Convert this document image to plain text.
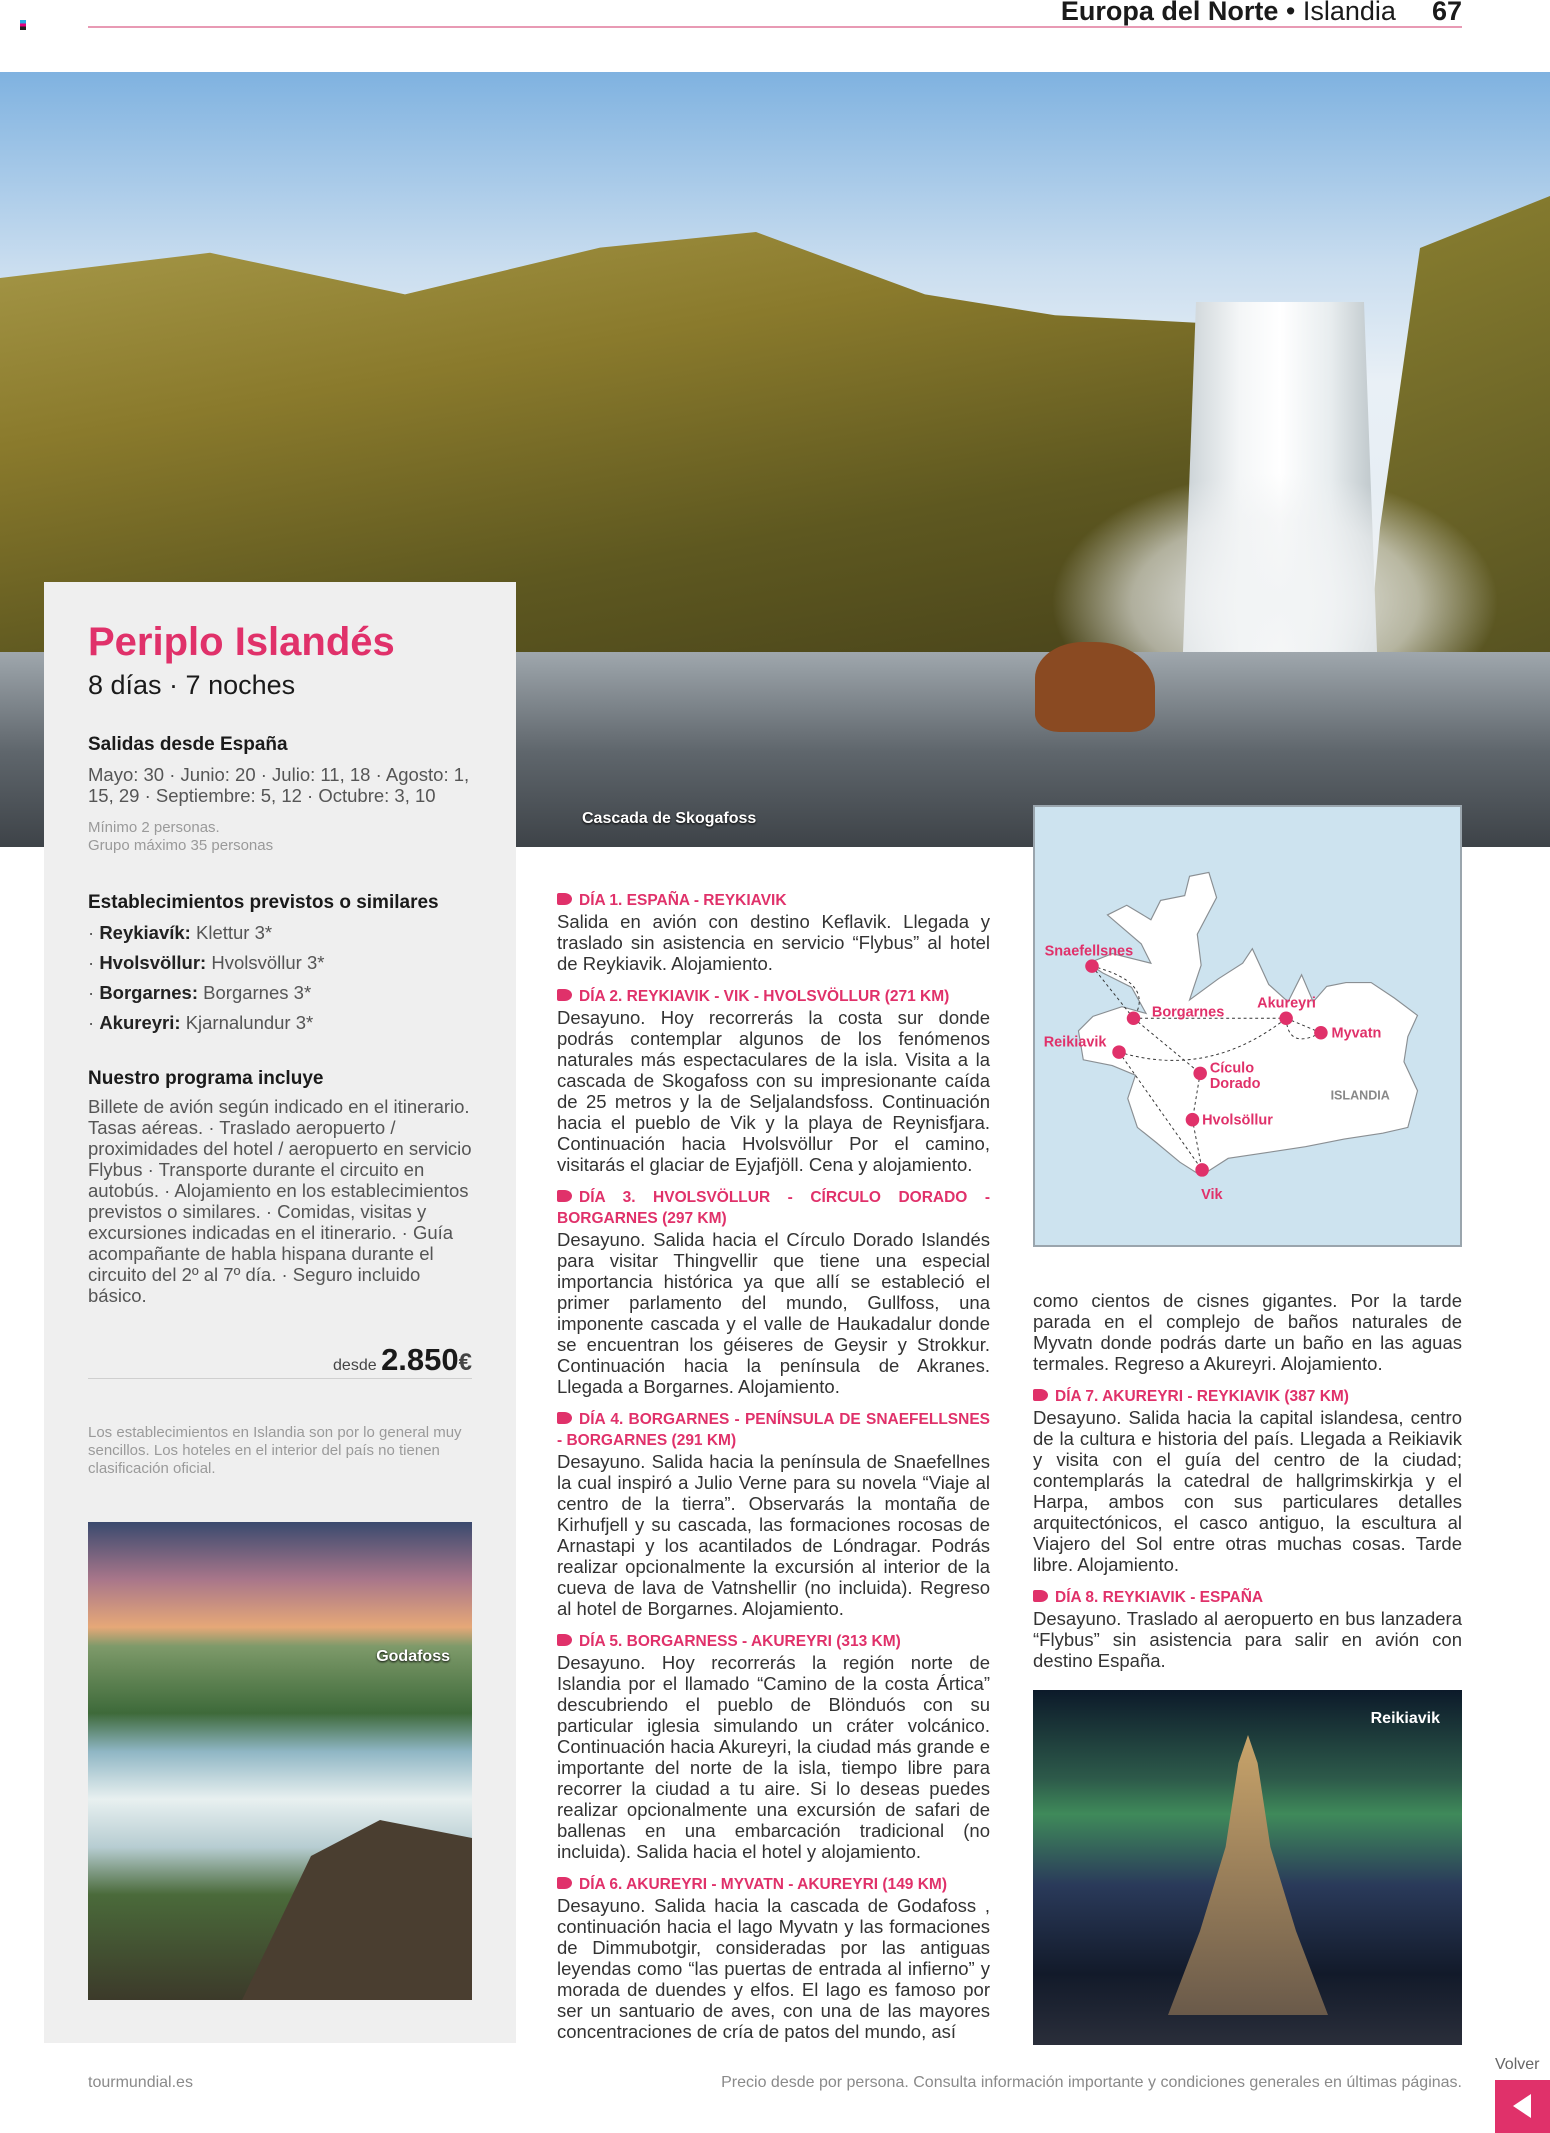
Europa del Norte • Islandia 67
Cascada de Skogafoss
Periplo Islandés
8 días · 7 noches
Salidas desde España
Mayo: 30 · Junio: 20 · Julio: 11, 18 · Agosto: 1, 15, 29 · Septiembre: 5, 12 · Octubre: 3, 10
Mínimo 2 personas.
Grupo máximo 35 personas
Establecimientos previstos o similares
· Reykiavík: Klettur 3*
· Hvolsvöllur: Hvolsvöllur 3*
· Borgarnes: Borgarnes 3*
· Akureyri: Kjarnalundur 3*
Nuestro programa incluye
Billete de avión según indicado en el itinerario. Tasas aéreas. · Traslado aeropuerto / proximidades del hotel / aeropuerto en servicio Flybus · Transporte durante el circuito en autobús. · Alojamiento en los establecimientos previstos o similares. · Comidas, visitas y excursiones indicadas en el itinerario. · Guía acompañante de habla hispana durante el circuito del 2º al 7º día. · Seguro incluido básico.
desde 2.850€
Los establecimientos en Islandia son por lo general muy sencillos. Los hoteles en el interior del país no tienen clasificación oficial.
Godafoss
DÍA 1. ESPAÑA - REYKIAVIK
Salida en avión con destino Keflavik. Llegada y traslado sin asistencia en servicio “Flybus” al hotel de Reykiavik. Alojamiento.
DÍA 2. REYKIAVIK - VIK - HVOLSVÖLLUR (271 KM)
Desayuno. Hoy recorrerás la costa sur donde podrás contemplar algunos de los fenómenos naturales más espectaculares de la isla. Visita a la cascada de Skogafoss con su impresionante caída de 25 metros y la de Seljalandsfoss. Continuación hacia el pueblo de Vik y la playa de Reynisfjara. Continuación hacia Hvolsvöllur Por el camino, visitarás el glaciar de Eyjafjöll. Cena y alojamiento.
DÍA 3. HVOLSVÖLLUR - CÍRCULO DORADO - BORGARNES (297 KM)
Desayuno. Salida hacia el Círculo Dorado Islandés para visitar Thingvellir que tiene una especial importancia histórica ya que allí se estableció el primer parlamento del mundo, Gullfoss, una imponente cascada y el valle de Haukadalur donde se encuentran los géiseres de Geysir y Strokkur. Continuación hacia la península de Akranes. Llegada a Borgarnes. Alojamiento.
DÍA 4. BORGARNES - PENÍNSULA DE SNAEFELLSNES - BORGARNES (291 KM)
Desayuno. Salida hacia la península de Snaefellnes la cual inspiró a Julio Verne para su novela “Viaje al centro de la tierra”. Observarás la montaña de Kirhufjell y su cascada, las formaciones rocosas de Arnastapi y los acantilados de Lóndragar. Podrás realizar opcionalmente la excursión al interior de la cueva de lava de Vatnshellir (no incluida). Regreso al hotel de Borgarnes. Alojamiento.
DÍA 5. BORGARNESS - AKUREYRI (313 KM)
Desayuno. Hoy recorrerás la región norte de Islandia por el llamado “Camino de la costa Ártica” descubriendo el pueblo de Blönduós con su particular iglesia simulando un cráter volcánico. Continuación hacia Akureyri, la ciudad más grande e importante del norte de la isla, tiempo libre para recorrer la ciudad a tu aire. Si lo deseas puedes realizar opcionalmente una excursión de safari de ballenas en una embarcación tradicional (no incluida). Salida hacia el hotel y alojamiento.
DÍA 6. AKUREYRI - MYVATN - AKUREYRI (149 KM)
Desayuno. Salida hacia la cascada de Godafoss , continuación hacia el lago Myvatn y las formaciones de Dimmubotgir, consideradas por las antiguas leyendas como “las puertas de entrada al infierno” y morada de duendes y elfos. El lago es famoso por ser un santuario de aves, con una de las mayores concentraciones de cría de patos del mundo, así
Snaefellsnes
Borgarnes
Reikiavik
Akureyri
Myvatn
Cículo
Dorado
Hvolsöllur
Vik
ISLANDIA
como cientos de cisnes gigantes. Por la tarde parada en el complejo de baños naturales de Myvatn donde podrás darte un baño en las aguas termales. Regreso a Akureyri. Alojamiento.
DÍA 7. AKUREYRI - REYKIAVIK (387 KM)
Desayuno. Salida hacia la capital islandesa, centro de la cultura e historia del país. Llegada a Reikiavik y visita con el guía del centro de la ciudad; contemplarás la catedral de hallgrimskirkja y el Harpa, ambos con sus particulares detalles arquitectónicos, el casco antiguo, la escultura al Viajero del Sol entre otras muchas cosas. Tarde libre. Alojamiento.
DÍA 8. REYKIAVIK - ESPAÑA
Desayuno. Traslado al aeropuerto en bus lanzadera “Flybus” sin asistencia para salir en avión con destino España.
Reikiavik
tourmundial.es	Precio desde por persona. Consulta información importante y condiciones generales en últimas páginas.
Volver
